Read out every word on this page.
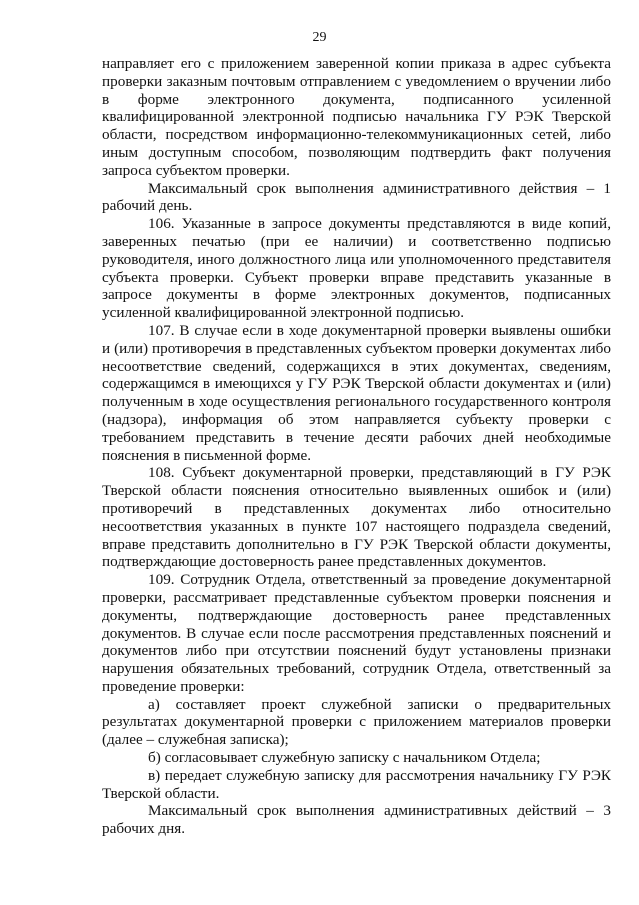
29

направляет его с приложением заверенной копии приказа в адрес субъекта проверки заказным почтовым отправлением с уведомлением о вручении либо в форме электронного документа, подписанного усиленной квалифицированной электронной подписью начальника ГУ РЭК Тверской области, посредством информационно-телекоммуникационных сетей, либо иным доступным способом, позволяющим подтвердить факт получения запроса субъектом проверки.

Максимальный срок выполнения административного действия – 1 рабочий день.

106. Указанные в запросе документы представляются в виде копий, заверенных печатью (при ее наличии) и соответственно подписью руководителя, иного должностного лица или уполномоченного представителя субъекта проверки. Субъект проверки вправе представить указанные в запросе документы в форме электронных документов, подписанных усиленной квалифицированной электронной подписью.

107. В случае если в ходе документарной проверки выявлены ошибки и (или) противоречия в представленных субъектом проверки документах либо несоответствие сведений, содержащихся в этих документах, сведениям, содержащимся в имеющихся у ГУ РЭК Тверской области документах и (или) полученным в ходе осуществления регионального государственного контроля (надзора), информация об этом направляется субъекту проверки с требованием представить в течение десяти рабочих дней необходимые пояснения в письменной форме.

108. Субъект документарной проверки, представляющий в ГУ РЭК Тверской области пояснения относительно выявленных ошибок и (или) противоречий в представленных документах либо относительно несоответствия указанных в пункте 107 настоящего подраздела сведений, вправе представить дополнительно в ГУ РЭК Тверской области документы, подтверждающие достоверность ранее представленных документов.

109. Сотрудник Отдела, ответственный за проведение документарной проверки, рассматривает представленные субъектом проверки пояснения и документы, подтверждающие достоверность ранее представленных документов. В случае если после рассмотрения представленных пояснений и документов либо при отсутствии пояснений будут установлены признаки нарушения обязательных требований, сотрудник Отдела, ответственный за проведение проверки:

а) составляет проект служебной записки о предварительных результатах документарной проверки с приложением материалов проверки (далее – служебная записка);

б) согласовывает служебную записку с начальником Отдела;

в) передает служебную записку для рассмотрения начальнику ГУ РЭК Тверской области.

Максимальный срок выполнения административных действий – 3 рабочих дня.
